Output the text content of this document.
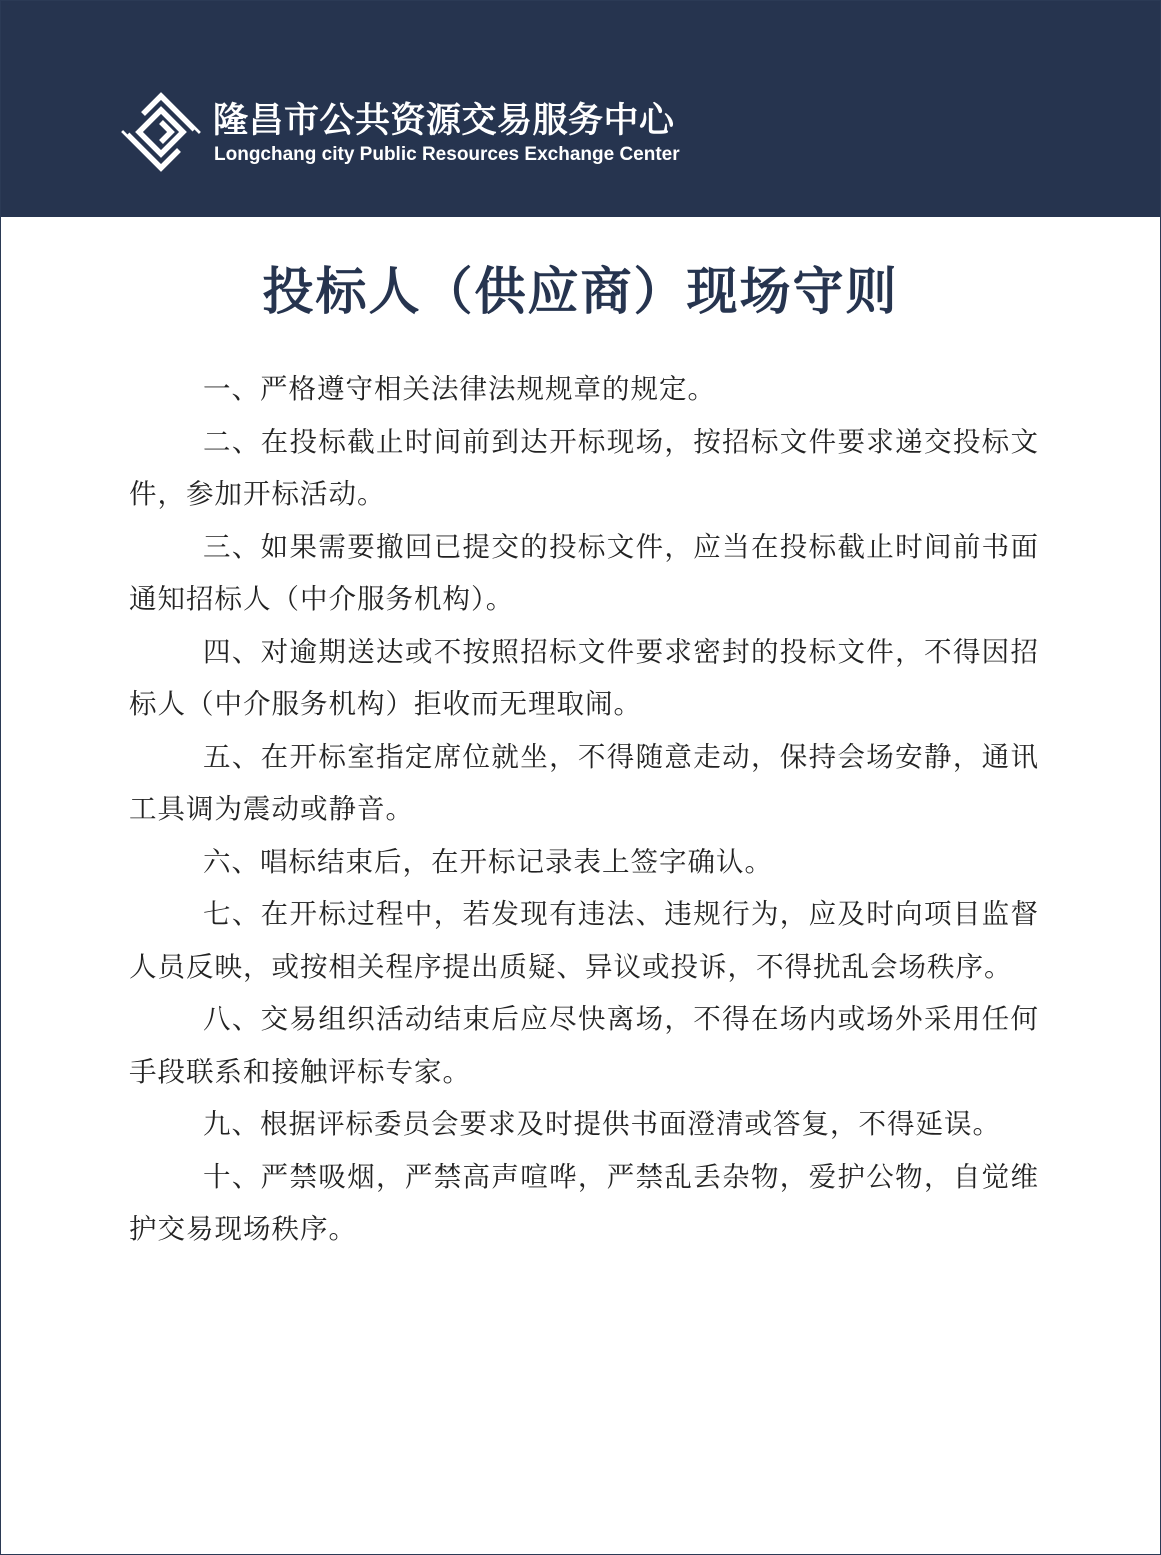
隆昌市公共资源交易服务中心
Longchang city Public Resources Exchange Center
投标人（供应商）现场守则
一、严格遵守相关法律法规规章的规定。
二、在投标截止时间前到达开标现场，按招标文件要求递交投标文件，参加开标活动。
三、如果需要撤回已提交的投标文件，应当在投标截止时间前书面通知招标人（中介服务机构）。
四、对逾期送达或不按照招标文件要求密封的投标文件，不得因招标人（中介服务机构）拒收而无理取闹。
五、在开标室指定席位就坐，不得随意走动，保持会场安静，通讯工具调为震动或静音。
六、唱标结束后，在开标记录表上签字确认。
七、在开标过程中，若发现有违法、违规行为，应及时向项目监督人员反映，或按相关程序提出质疑、异议或投诉，不得扰乱会场秩序。
八、交易组织活动结束后应尽快离场，不得在场内或场外采用任何手段联系和接触评标专家。
九、根据评标委员会要求及时提供书面澄清或答复，不得延误。
十、严禁吸烟，严禁高声喧哗，严禁乱丢杂物，爱护公物，自觉维护交易现场秩序。
